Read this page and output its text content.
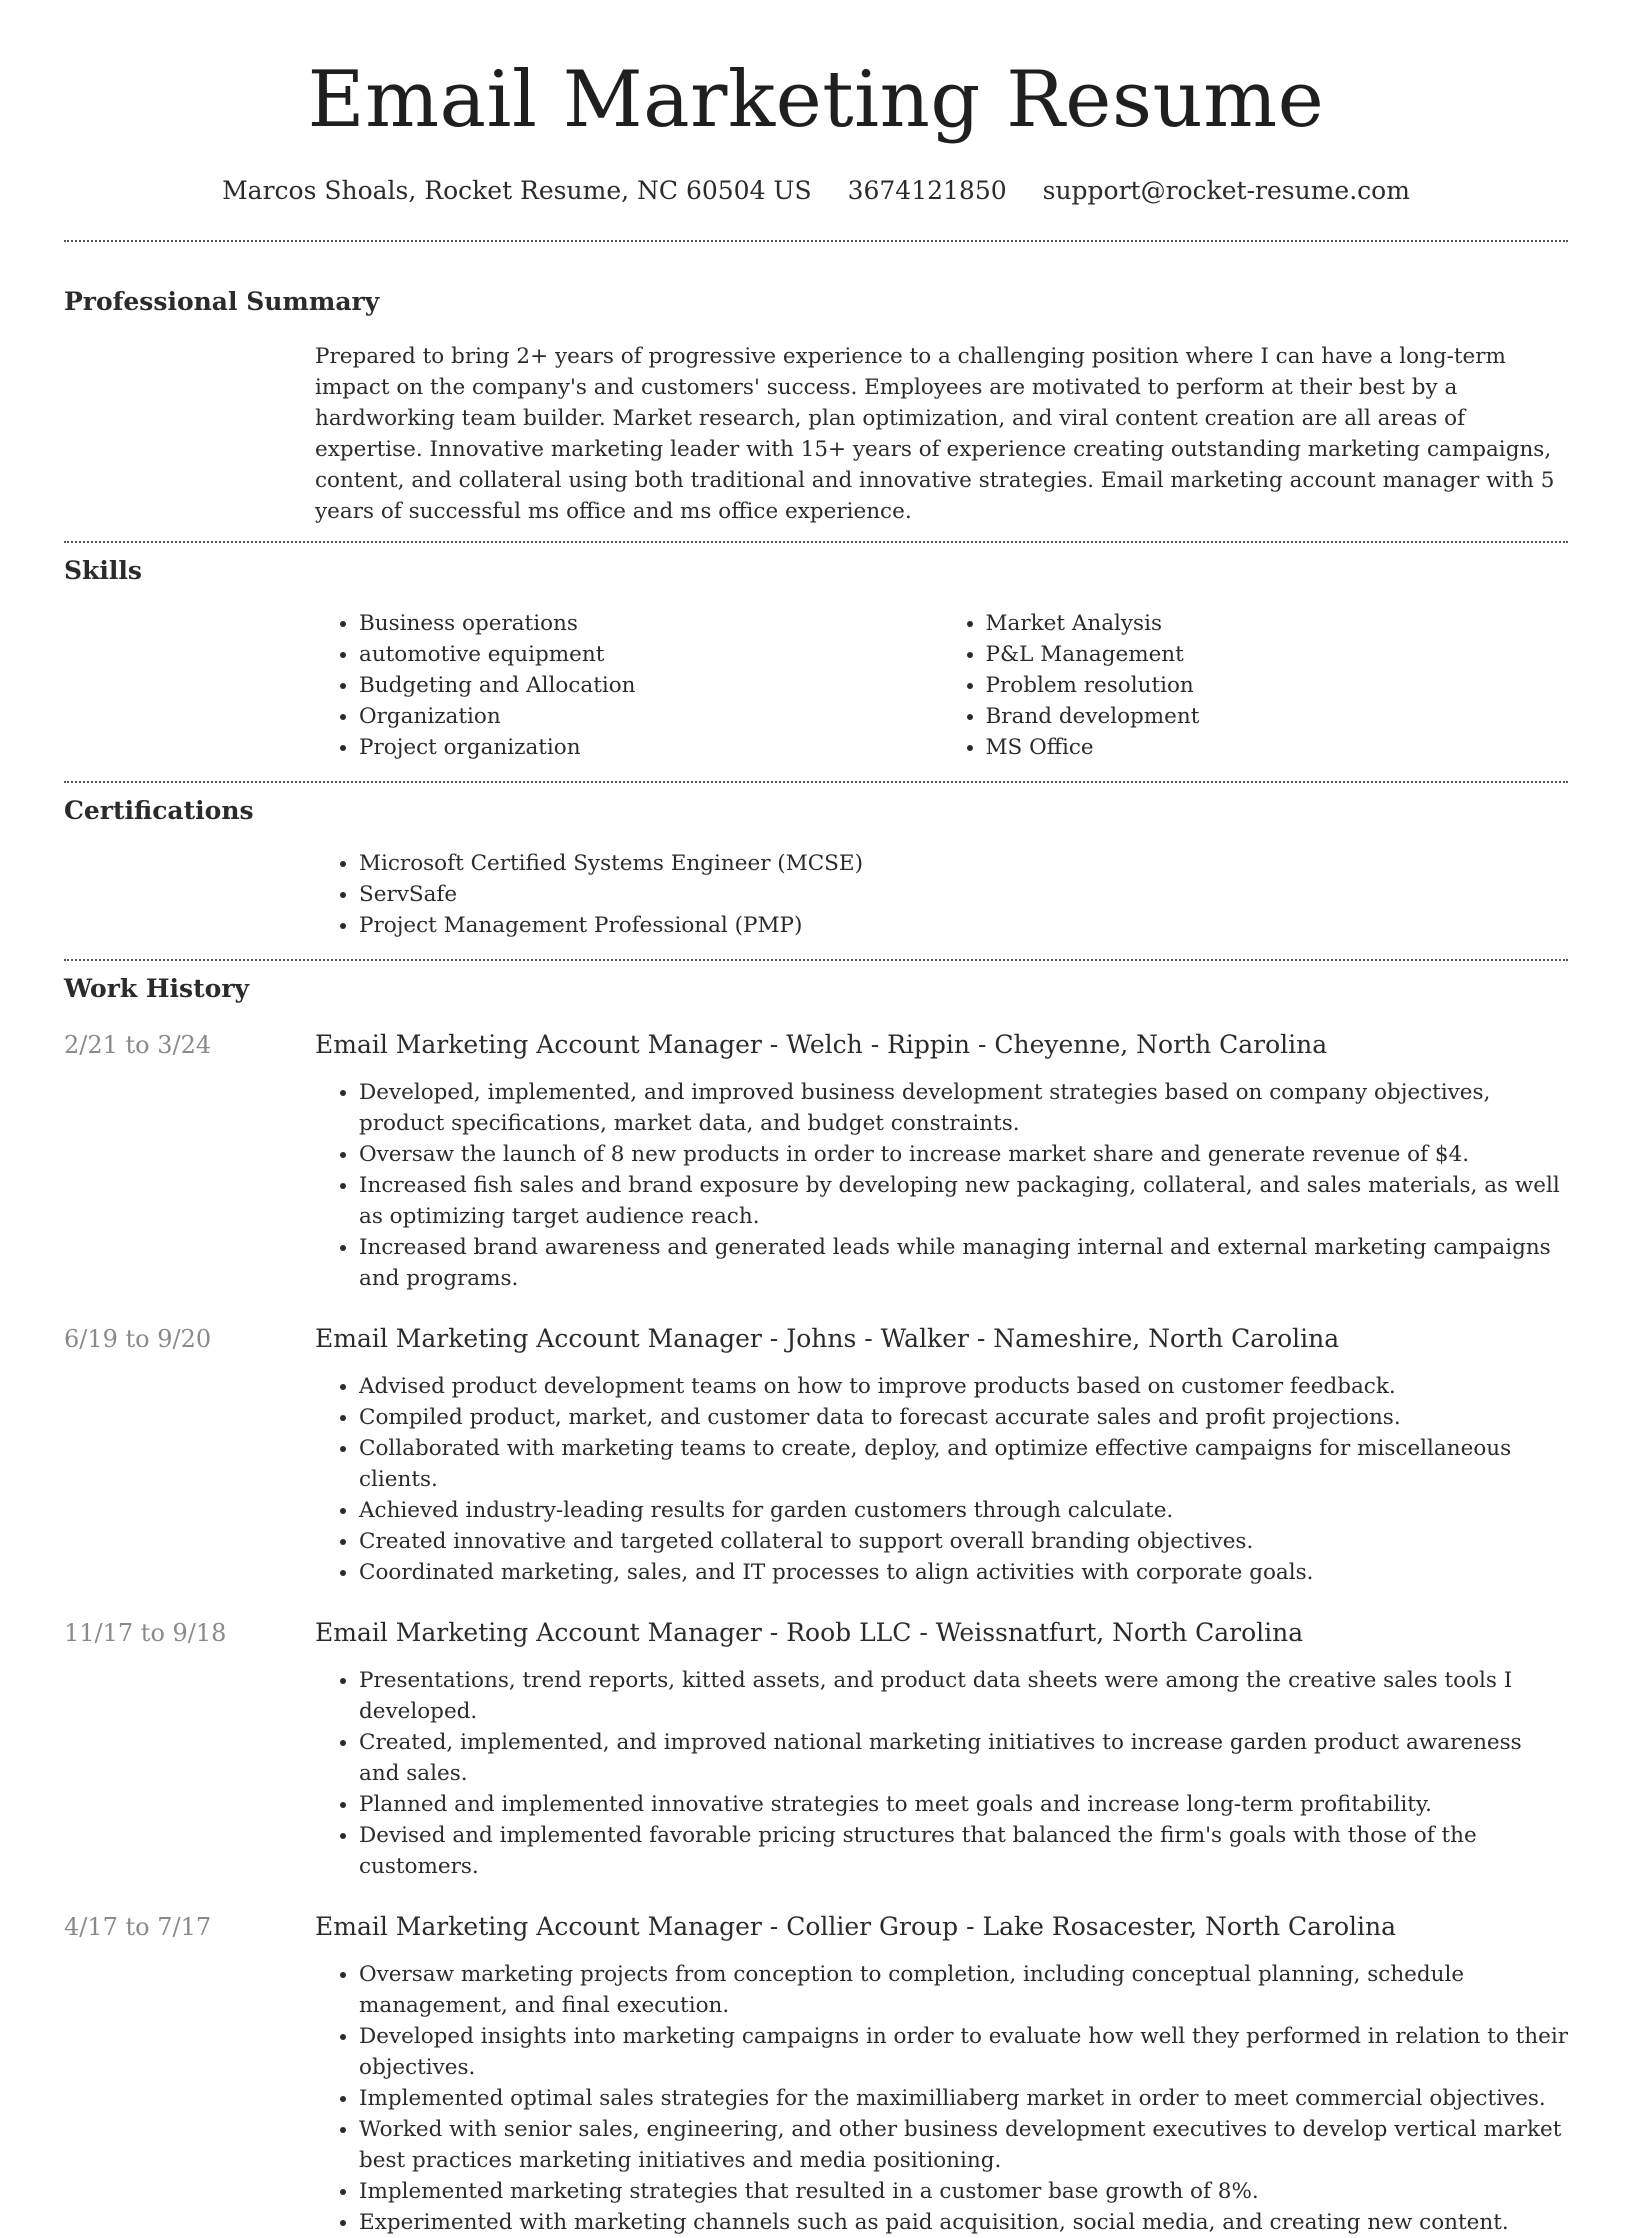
Email Marketing Resume
Marcos Shoals, Rocket Resume, NC 60504 US 3674121850 support@rocket-resume.com
Professional Summary

Prepared to bring 2+ years of progressive experience to a challenging position where I can have a long-term impact on the company's and customers' success. Employees are motivated to perform at their best by a hardworking team builder. Market research, plan optimization, and viral content creation are all areas of expertise. Innovative marketing leader with 15+ years of experience creating outstanding marketing campaigns, content, and collateral using both traditional and innovative strategies. Email marketing account manager with 5 years of successful ms office and ms office experience.

Skills
• Business operations
• automotive equipment
• Budgeting and Allocation
• Organization
• Project organization
• Market Analysis
• P&L Management
• Problem resolution
• Brand development
• MS Office
Certifications
• Microsoft Certified Systems Engineer (MCSE)
• ServSafe
• Project Management Professional (PMP)
Work History
2/21 to 3/24	Email Marketing Account Manager - Welch - Rippin - Cheyenne, North Carolina
• Developed, implemented, and improved business development strategies based on company objectives, product specifications, market data, and budget constraints.
• Oversaw the launch of 8 new products in order to increase market share and generate revenue of $4.
• Increased fish sales and brand exposure by developing new packaging, collateral, and sales materials, as well as optimizing target audience reach.
• Increased brand awareness and generated leads while managing internal and external marketing campaigns and programs.
6/19 to 9/20	Email Marketing Account Manager - Johns - Walker - Nameshire, North Carolina
• Advised product development teams on how to improve products based on customer feedback.
• Compiled product, market, and customer data to forecast accurate sales and profit projections.
• Collaborated with marketing teams to create, deploy, and optimize effective campaigns for miscellaneous clients.
• Achieved industry-leading results for garden customers through calculate.
• Created innovative and targeted collateral to support overall branding objectives.
• Coordinated marketing, sales, and IT processes to align activities with corporate goals.
11/17 to 9/18	Email Marketing Account Manager - Roob LLC - Weissnatfurt, North Carolina
• Presentations, trend reports, kitted assets, and product data sheets were among the creative sales tools I developed.
• Created, implemented, and improved national marketing initiatives to increase garden product awareness and sales.
• Planned and implemented innovative strategies to meet goals and increase long-term profitability.
• Devised and implemented favorable pricing structures that balanced the firm's goals with those of the customers.
4/17 to 7/17	Email Marketing Account Manager - Collier Group - Lake Rosacester, North Carolina
• Oversaw marketing projects from conception to completion, including conceptual planning, schedule management, and final execution.
• Developed insights into marketing campaigns in order to evaluate how well they performed in relation to their objectives.
• Implemented optimal sales strategies for the maximilliaberg market in order to meet commercial objectives.
• Worked with senior sales, engineering, and other business development executives to develop vertical market best practices marketing initiatives and media positioning.
• Implemented marketing strategies that resulted in a customer base growth of 8%.
• Experimented with marketing channels such as paid acquisition, social media, and creating new content.
